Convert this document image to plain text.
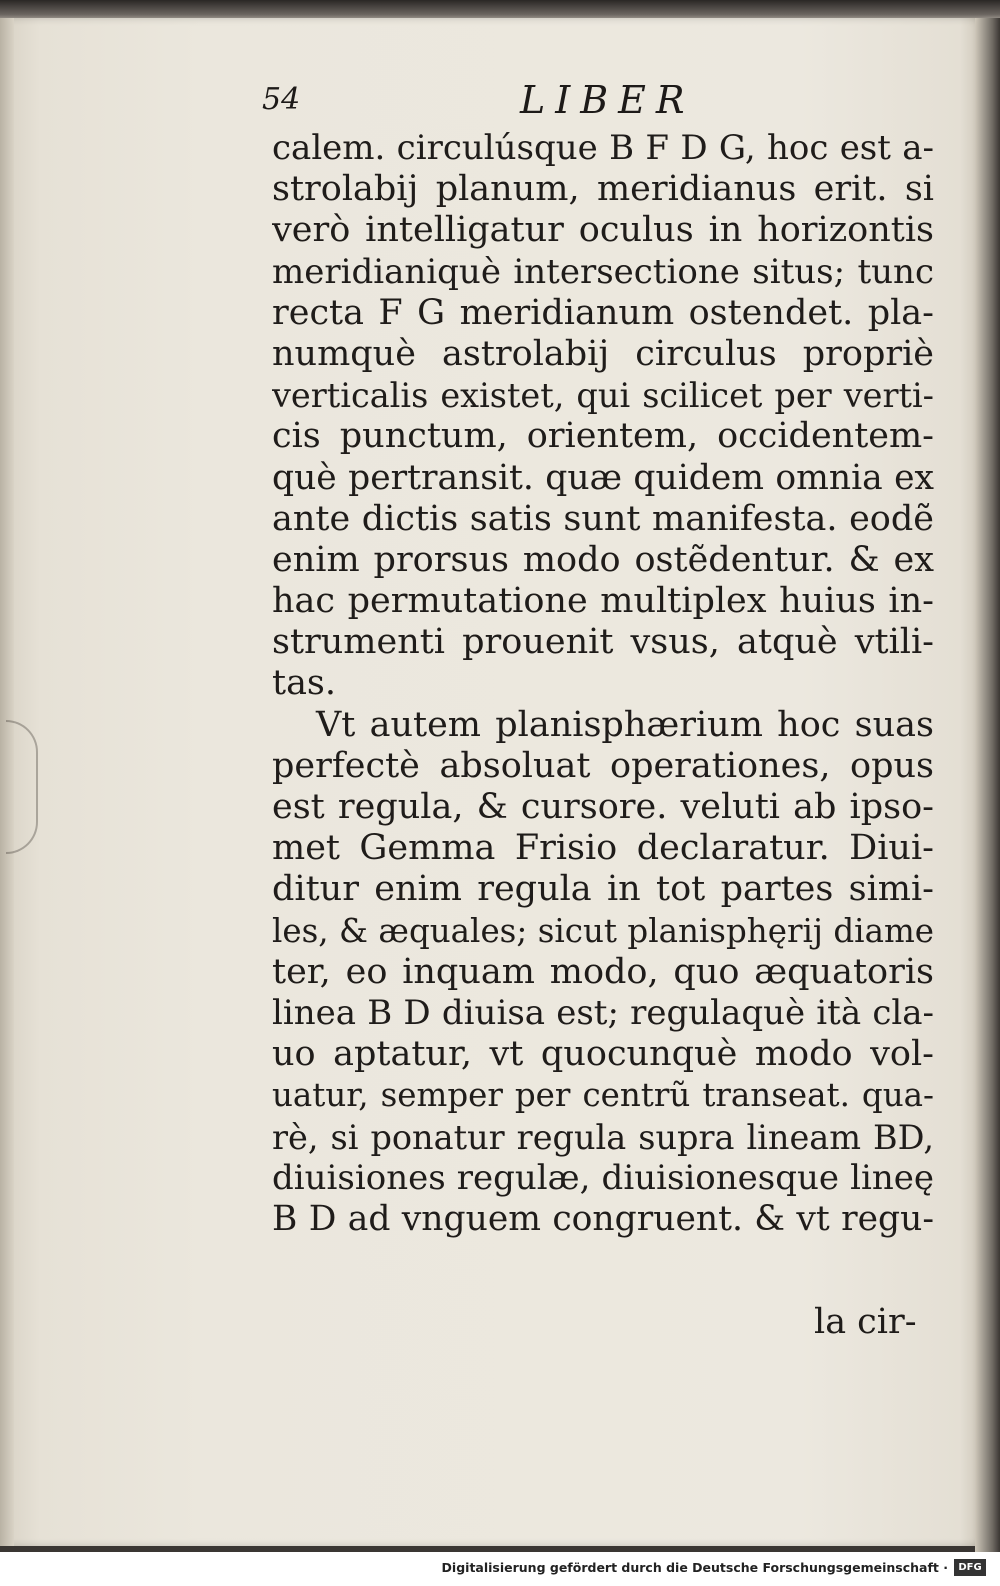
54	LIBER
calem. circulúsque B F D G, hoc est a-
strolabij planum, meridianus erit. si
verò intelligatur oculus in horizontis
meridianiquè intersectione situs; tunc
recta F G meridianum ostendet. pla-
numquè astrolabij circulus propriè
verticalis existet, qui scilicet per verti-
cis punctum, orientem, occidentem-
què pertransit. quæ quidem omnia ex
ante dictis satis sunt manifesta. eodẽ
enim prorsus modo ostẽdentur. & ex
hac permutatione multiplex huius in-
strumenti prouenit vsus, atquè vtili-
tas.
Vt autem planisphærium hoc suas
perfectè absoluat operationes, opus
est regula, & cursore. veluti ab ipso-
met Gemma Frisio declaratur. Diui-
ditur enim regula in tot partes simi-
les, & æquales; sicut planisphęrij diame
ter, eo inquam modo, quo æquatoris
linea B D diuisa est; regulaquè ità cla-
uo aptatur, vt quocunquè modo vol-
uatur, semper per centrũ transeat. qua-
rè, si ponatur regula supra lineam BD,
diuisiones regulæ, diuisionesque lineę
B D ad vnguem congruent. & vt regu-
la cir-
Digitalisierung gefördert durch die Deutsche Forschungsgemeinschaft ·	DFG
